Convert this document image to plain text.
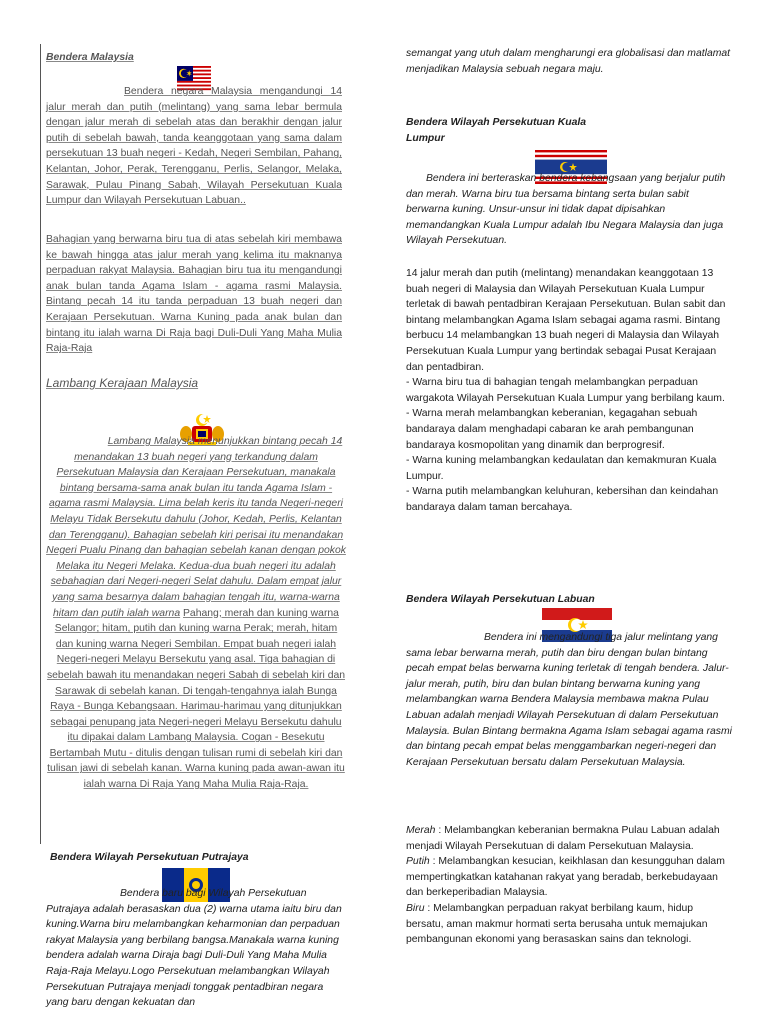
Bendera Malaysia

Bendera negara Malaysia mengandungi 14 jalur merah dan putih (melintang) yang sama lebar bermula dengan jalur merah di sebelah atas dan berakhir dengan jalur putih di sebelah bawah, tanda keanggotaan yang sama dalam persekutuan 13 buah negeri - Kedah, Negeri Sembilan, Pahang, Kelantan, Johor, Perak, Terengganu, Perlis, Selangor, Melaka, Sarawak, Pulau Pinang Sabah, Wilayah Persekutuan Kuala Lumpur dan Wilayah Persekutuan Labuan..

Bahagian yang berwarna biru tua di atas sebelah kiri membawa ke bawah hingga atas jalur merah yang kelima itu maknanya perpaduan rakyat Malaysia. Bahagian biru tua itu mengandungi anak bulan tanda Agama Islam - agama rasmi Malaysia. Bintang pecah 14 itu tanda perpaduan 13 buah negeri dan Kerajaan Persekutuan. Warna Kuning pada anak bulan dan bintang itu ialah warna Di Raja bagi Duli-Duli Yang Maha Mulia Raja-Raja

Lambang Kerajaan Malaysia

Lambang Malaysia menunjukkan bintang pecah 14 menandakan 13 buah negeri yang terkandung dalam Persekutuan Malaysia dan Kerajaan Persekutuan, manakala bintang bersama-sama anak bulan itu tanda Agama Islam - agama rasmi Malaysia. Lima belah keris itu tanda Negeri-negeri Melayu Tidak Bersekutu dahulu (Johor, Kedah, Perlis, Kelantan dan Terengganu). Bahagian sebelah kiri perisai itu menandakan Negeri Pualu Pinang dan bahagian sebelah kanan dengan pokok Melaka itu Negeri Melaka. Kedua-dua buah negeri itu adalah sebahagian dari Negeri-negeri Selat dahulu. Dalam empat jalur yang sama besarnya dalam bahagian tengah itu, warna-warna hitam dan putih ialah warna Pahang; merah dan kuning warna Selangor; hitam, putih dan kuning warna Perak; merah, hitam dan kuning warna Negeri Sembilan. Empat buah negeri ialah Negeri-negeri Melayu Bersekutu yang asal. Tiga bahagian di sebelah bawah itu menandakan negeri Sabah di sebelah kiri dan Sarawak di sebelah kanan. Di tengah-tengahnya ialah Bunga Raya - Bunga Kebangsaan. Harimau-harimau yang ditunjukkan sebagai penupang jata Negeri-negeri Melayu Bersekutu dahulu itu dipakai dalam Lambang Malaysia. Cogan - Besekutu Bertambah Mutu - ditulis dengan tulisan rumi di sebelah kiri dan tulisan jawi di sebelah kanan. Warna kuning pada awan-awan itu ialah warna Di Raja Yang Maha Mulia Raja-Raja.

Bendera Wilayah Persekutuan Putrajaya

Bendera baru bagi Wilayah Persekutuan Putrajaya adalah berasaskan dua (2) warna utama iaitu biru dan kuning.Warna biru melambangkan keharmonian dan perpaduan rakyat Malaysia yang berbilang bangsa.Manakala warna kuning bendera adalah warna Diraja bagi Duli-Duli Yang Maha Mulia Raja-Raja Melayu.Logo Persekutuan melambangkan Wilayah Persekutuan Putrajaya menjadi tonggak pentadbiran negara yang baru dengan kekuatan dan

semangat yang utuh dalam mengharungi era globalisasi dan matlamat menjadikan Malaysia sebuah negara maju.

Bendera Wilayah Persekutuan Kuala
Lumpur

Bendera ini berteraskan bendera kebangsaan yang berjalur putih dan merah. Warna biru tua bersama bintang serta bulan sabit berwarna kuning. Unsur-unsur ini tidak dapat dipisahkan memandangkan Kuala Lumpur adalah Ibu Negara Malaysia dan juga Wilayah Persekutuan.

14 jalur merah dan putih (melintang) menandakan keanggotaan 13 buah negeri di Malaysia dan Wilayah Persekutuan Kuala Lumpur terletak di bawah pentadbiran Kerajaan Persekutuan. Bulan sabit dan bintang melambangkan Agama Islam sebagai agama rasmi. Bintang berbucu 14 melambangkan 13 buah negeri di Malaysia dan Wilayah Persekutuan Kuala Lumpur yang bertindak sebagai Pusat Kerajaan dan pentadbiran.

- Warna biru tua di bahagian tengah melambangkan perpaduan wargakota Wilayah Persekutuan Kuala Lumpur yang berbilang kaum.

- Warna merah melambangkan keberanian, kegagahan sebuah bandaraya dalam menghadapi cabaran ke arah pembangunan bandaraya kosmopolitan yang dinamik dan berprogresif.

- Warna kuning melambangkan kedaulatan dan kemakmuran Kuala Lumpur.

- Warna putih melambangkan keluhuran, kebersihan dan keindahan bandaraya dalam taman bercahaya.

Bendera Wilayah Persekutuan Labuan

Bendera ini mengandungi tiga jalur melintang yang sama lebar berwarna merah, putih dan biru dengan bulan bintang pecah empat belas berwarna kuning terletak di tengah bendera. Jalur-jalur merah, putih, biru dan bulan bintang berwarna kuning yang melambangkan warna Bendera Malaysia membawa makna Pulau Labuan adalah menjadi Wilayah Persekutuan di dalam Persekutuan Malaysia. Bulan Bintang bermakna Agama Islam sebagai agama rasmi dan bintang pecah empat belas menggambarkan negeri-negeri dan Kerajaan Persekutuan bersatu dalam Persekutuan Malaysia.

Merah : Melambangkan keberanian bermakna Pulau Labuan adalah menjadi Wilayah Persekutuan di dalam Persekutuan Malaysia.

Putih : Melambangkan kesucian, keikhlasan dan kesungguhan dalam mempertingkatkan katahanan rakyat yang beradab, berkebudayaan dan berkeperibadian Malaysia.

Biru : Melambangkan perpaduan rakyat berbilang kaum, hidup bersatu, aman makmur hormati serta berusaha untuk memajukan pembangunan ekonomi yang berasaskan sains dan teknologi.
